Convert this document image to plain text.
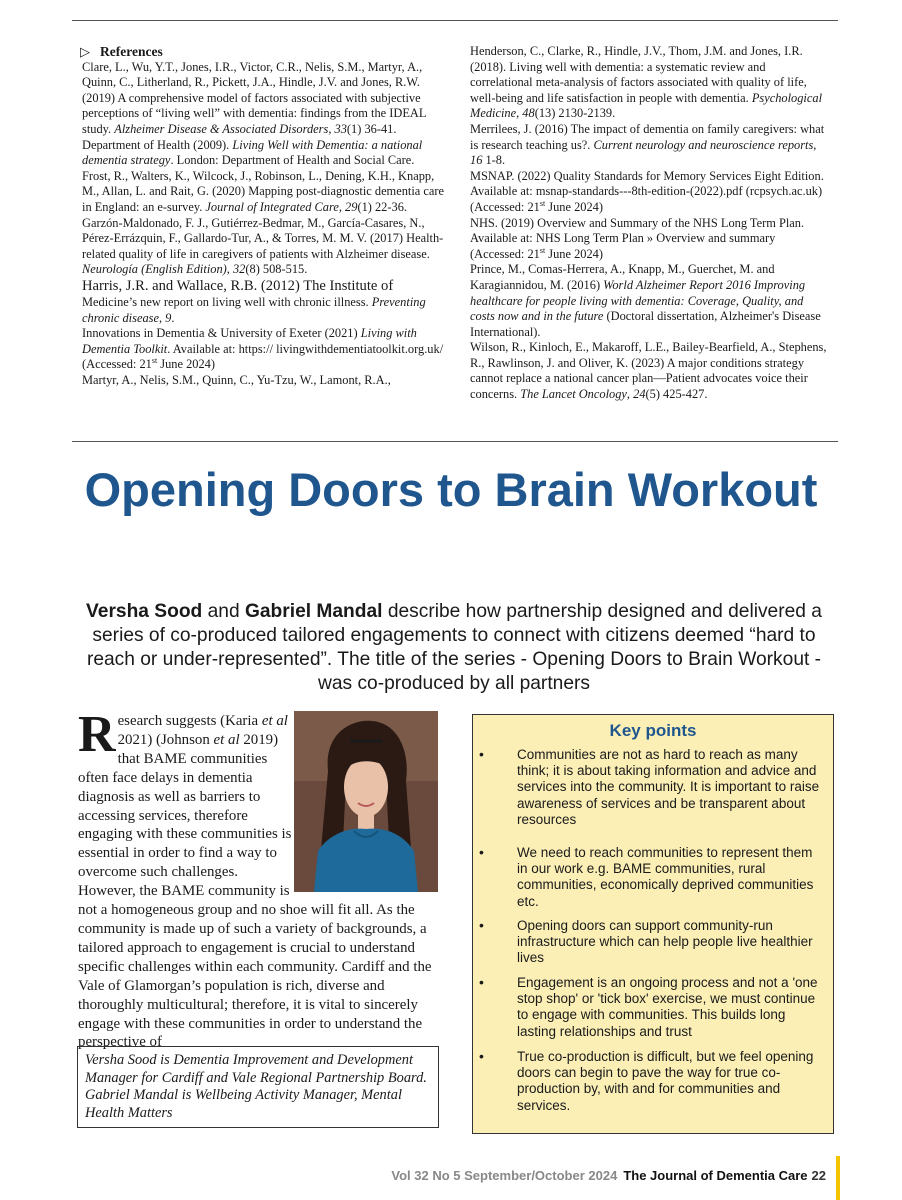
▷ References

Clare, L., Wu, Y.T., Jones, I.R., Victor, C.R., Nelis, S.M., Martyr, A., Quinn, C., Litherland, R., Pickett, J.A., Hindle, J.V. and Jones, R.W. (2019) A comprehensive model of factors associated with subjective perceptions of “living well” with dementia: findings from the IDEAL study. Alzheimer Disease & Associated Disorders, 33(1) 36-41.

Department of Health (2009). Living Well with Dementia: a national dementia strategy. London: Department of Health and Social Care.

Frost, R., Walters, K., Wilcock, J., Robinson, L., Dening, K.H., Knapp, M., Allan, L. and Rait, G. (2020) Mapping post-diagnostic dementia care in England: an e-survey. Journal of Integrated Care, 29(1) 22-36.

Garzón-Maldonado, F. J., Gutiérrez-Bedmar, M., García-Casares, N., Pérez-Errázquin, F., Gallardo-Tur, A., & Torres, M. M. V. (2017) Health-related quality of life in caregivers of patients with Alzheimer disease. Neurología (English Edition), 32(8) 508-515.

Harris, J.R. and Wallace, R.B. (2012) The Institute of

Medicine’s new report on living well with chronic illness. Preventing chronic disease, 9.

Innovations in Dementia & University of Exeter (2021) Living with Dementia Toolkit. Available at: https:// livingwithdementiatoolkit.org.uk/ (Accessed: 21st June 2024)

Martyr, A., Nelis, S.M., Quinn, C., Yu-Tzu, W., Lamont, R.A.,

Henderson, C., Clarke, R., Hindle, J.V., Thom, J.M. and Jones, I.R. (2018). Living well with dementia: a systematic review and correlational meta-analysis of factors associated with quality of life, well-being and life satisfaction in people with dementia. Psychological Medicine, 48(13) 2130-2139.

Merrilees, J. (2016) The impact of dementia on family caregivers: what is research teaching us?. Current neurology and neuroscience reports, 16 1-8.

MSNAP. (2022) Quality Standards for Memory Services Eight Edition. Available at: msnap-standards---8th-edition-(2022).pdf (rcpsych.ac.uk) (Accessed: 21st June 2024)

NHS. (2019) Overview and Summary of the NHS Long Term Plan. Available at: NHS Long Term Plan » Overview and summary (Accessed: 21st June 2024)

Prince, M., Comas-Herrera, A., Knapp, M., Guerchet, M. and Karagiannidou, M. (2016) World Alzheimer Report 2016 Improving healthcare for people living with dementia: Coverage, Quality, and costs now and in the future (Doctoral dissertation, Alzheimer's Disease International).

Wilson, R., Kinloch, E., Makaroff, L.E., Bailey-Bearfield, A., Stephens, R., Rawlinson, J. and Oliver, K. (2023) A major conditions strategy cannot replace a national cancer plan—Patient advocates voice their concerns. The Lancet Oncology, 24(5) 425-427.

Opening Doors to Brain Workout

Versha Sood and Gabriel Mandal describe how partnership designed and delivered a series of co-produced tailored engagements to connect with citizens deemed “hard to reach or under-represented”. The title of the series - Opening Doors to Brain Workout - was co-produced by all partners

Research suggests (Karia et al 2021) (Johnson et al 2019) that BAME communities often face delays in dementia diagnosis as well as barriers to accessing services, therefore engaging with these communities is essential in order to find a way to overcome such challenges. However, the BAME community is not a homogeneous group and no shoe will fit all. As the community is made up of such a variety of backgrounds, a tailored approach to engagement is crucial to understand specific challenges within each community. Cardiff and the Vale of Glamorgan’s population is rich, diverse and thoroughly multicultural; therefore, it is vital to sincerely engage with these communities in order to understand the perspective of

Versha Sood is Dementia Improvement and Development Manager for Cardiff and Vale Regional Partnership Board. Gabriel Mandal is Wellbeing Activity Manager, Mental Health Matters

Key points
• Communities are not as hard to reach as many think; it is about taking information and advice and services into the community. It is important to raise awareness of services and be transparent about resources
• We need to reach communities to represent them in our work e.g. BAME communities, rural communities, economically deprived communities etc.
• Opening doors can support community-run infrastructure which can help people live healthier lives
• Engagement is an ongoing process and not a 'one stop shop' or 'tick box' exercise, we must continue to engage with communities. This builds long lasting relationships and trust
• True co-production is difficult, but we feel opening doors can begin to pave the way for true co-production by, with and for communities and services.
Vol 32 No 5 September/October 2024 The Journal of Dementia Care 22
